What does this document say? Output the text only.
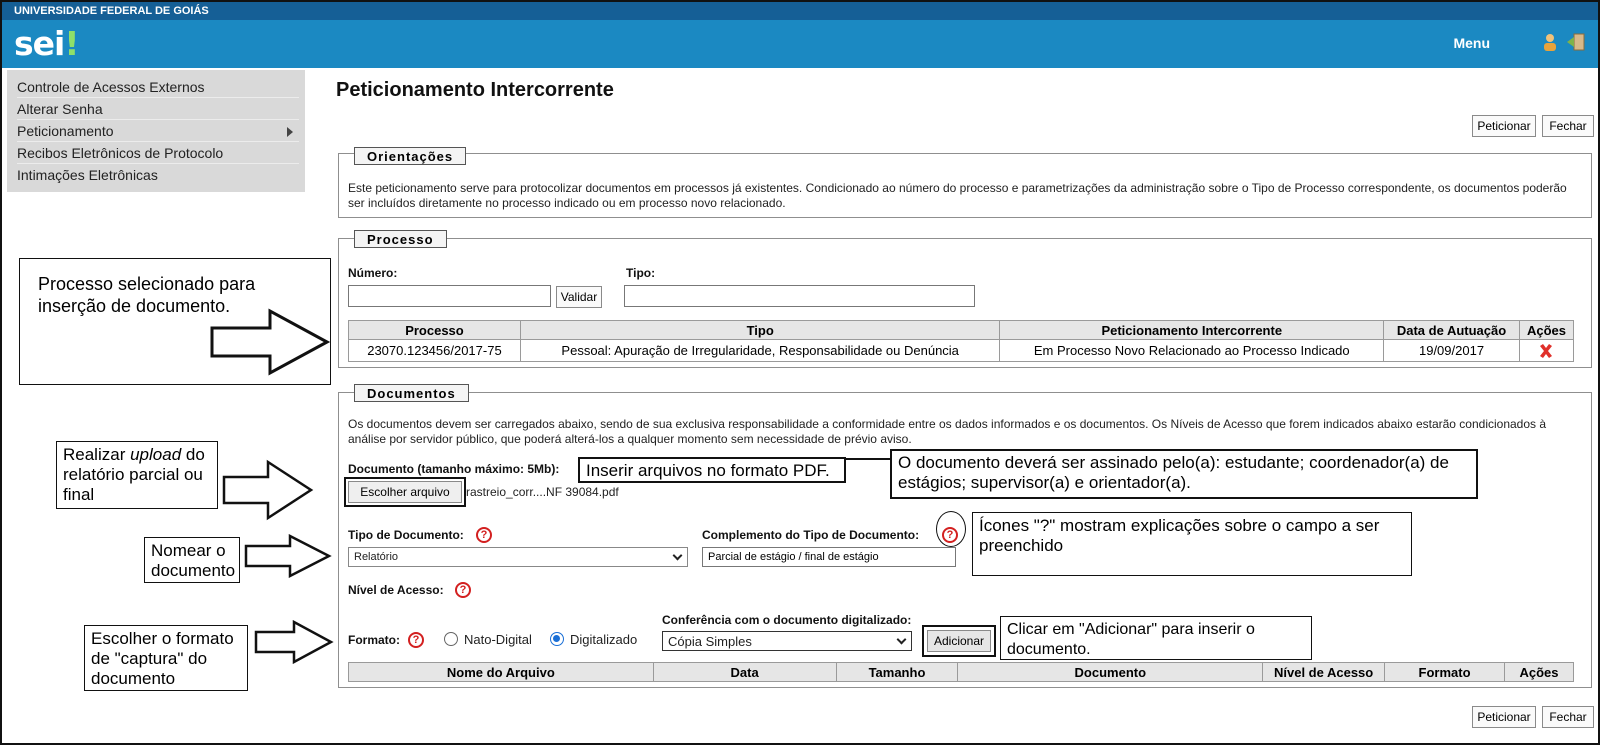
UNIVERSIDADE FEDERAL DE GOIÁS
sei!	Menu
Controle de Acessos Externos
Alterar Senha
Peticionamento
Recibos Eletrônicos de Protocolo
Intimações Eletrônicas
Peticionamento Intercorrente
Peticionar	Fechar
Orientações
Este peticionamento serve para protocolizar documentos em processos já existentes. Condicionado ao número do processo e parametrizações da administração sobre o Tipo de Processo correspondente, os documentos poderão ser incluídos diretamente no processo indicado ou em processo novo relacionado.
Processo
Número:
Validar
Tipo:
Processo	Tipo	Peticionamento Intercorrente	Data de Autuação	Ações
23070.123456/2017-75	Pessoal: Apuração de Irregularidade, Responsabilidade ou Denúncia	Em Processo Novo Relacionado ao Processo Indicado	19/09/2017	
Documentos
Os documentos devem ser carregados abaixo, sendo de sua exclusiva responsabilidade a conformidade entre os dados informados e os documentos. Os Níveis de Acesso que forem indicados abaixo estarão condicionados à análise por servidor público, que poderá alterá-los a qualquer momento sem necessidade de prévio aviso.
Documento (tamanho máximo: 5Mb):
Escolher arquivo	rastreio_corr....NF 39084.pdf
Tipo de Documento:	?
Relatório
Complemento do Tipo de Documento:	?
Parcial de estágio / final de estágio
Nível de Acesso:	?
Formato:	?	Nato-Digital	Digitalizado
Conferência com o documento digitalizado:
Cópia Simples	Adicionar
Nome do Arquivo	Data	Tamanho	Documento	Nível de Acesso	Formato	Ações
Peticionar	Fechar
Processo selecionado para inserção de documento.
Realizar upload do relatório parcial ou final
Inserir arquivos no formato PDF.	O documento deverá ser assinado pelo(a): estudante; coordenador(a) de estágios; supervisor(a) e orientador(a).
Nomear o documento
Ícones "?" mostram explicações sobre o campo a ser preenchido
Escolher o formato de "captura" do documento
Clicar em "Adicionar" para inserir o documento.
